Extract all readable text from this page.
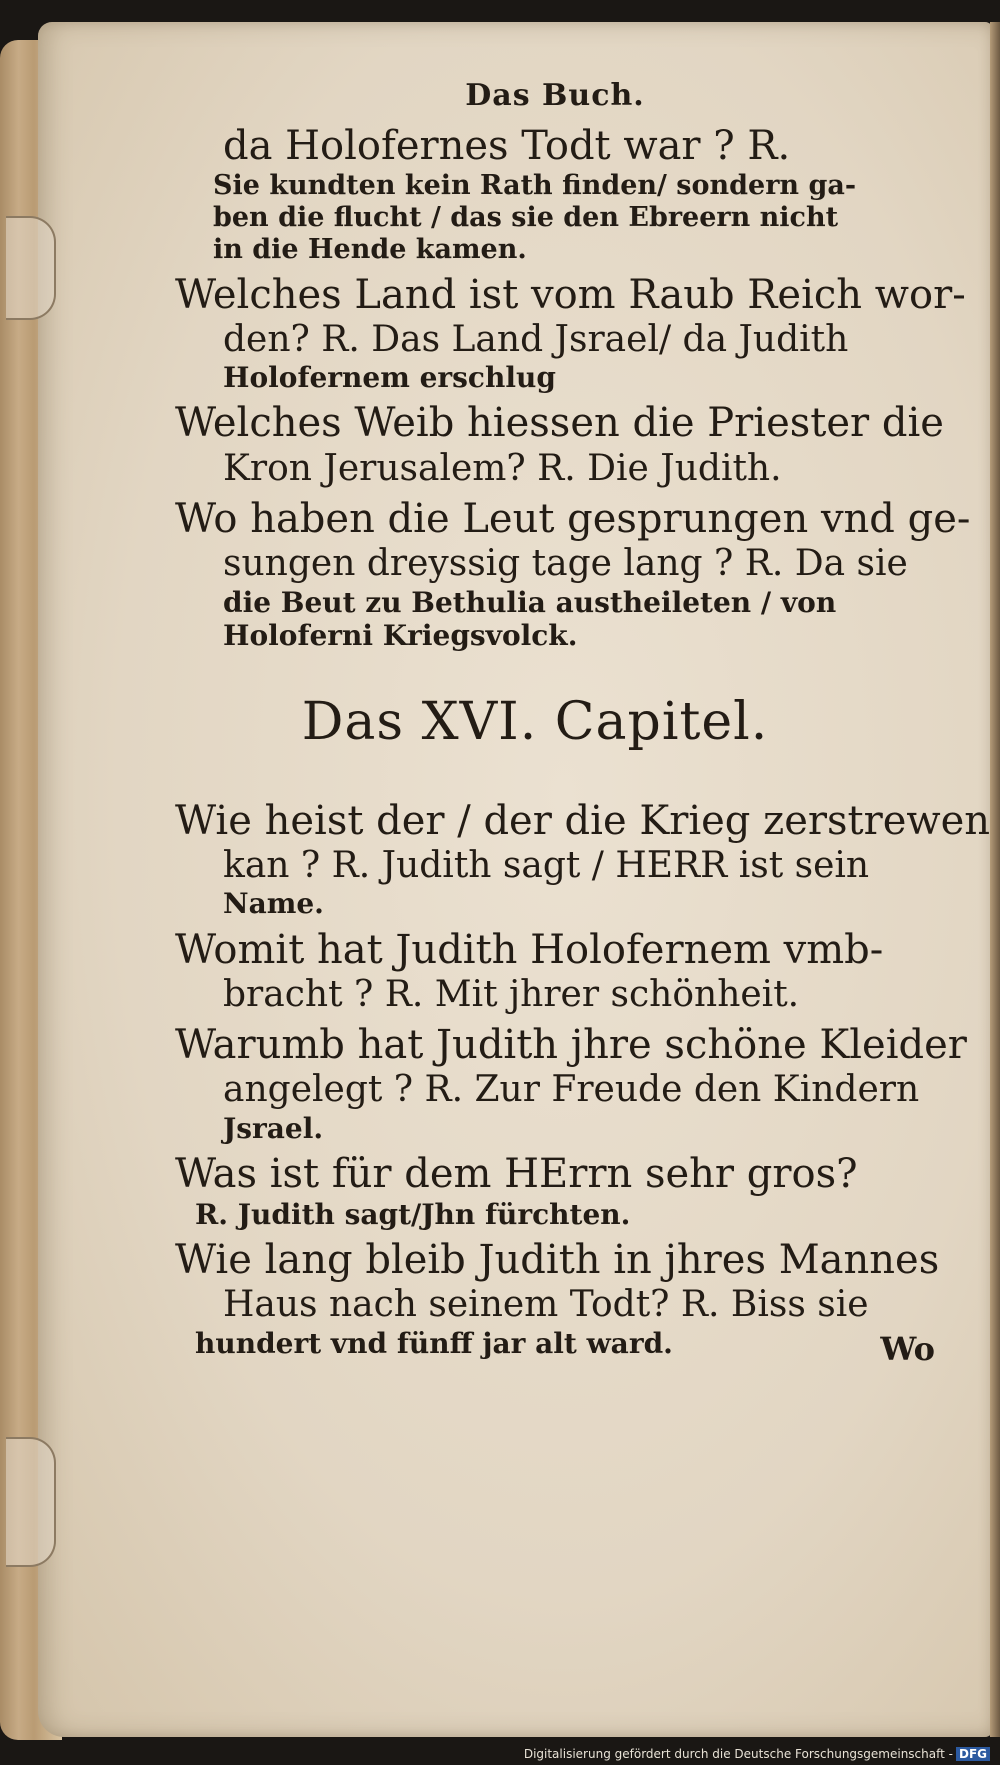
Das Buch.
da Holofernes Todt war ? R.
Sie kundten kein Rath finden/ sondern ga-
ben die flucht / das sie den Ebreern nicht
in die Hende kamen.
Welches Land ist vom Raub Reich wor-
den? R. Das Land Jsrael/ da Judith
Holofernem erschlug
Welches Weib hiessen die Priester die
Kron Jerusalem? R. Die Judith.
Wo haben die Leut gesprungen vnd ge-
sungen dreyssig tage lang ? R. Da sie
die Beut zu Bethulia austheileten / von Holoferni Kriegsvolck.
Das XVI. Capitel.
Wie heist der / der die Krieg zerstrewen
kan ? R. Judith sagt / HERR ist sein
Name.
Womit hat Judith Holofernem vmb-
bracht ? R. Mit jhrer schönheit.
Warumb hat Judith jhre schöne Kleider
angelegt ? R. Zur Freude den Kindern
Jsrael.
Was ist für dem HErrn sehr gros?
R. Judith sagt/Jhn fürchten.
Wie lang bleib Judith in jhres Mannes
Haus nach seinem Todt? R. Biss sie
hundert vnd fünff jar alt ward.	Wo
Digitalisierung gefördert durch die Deutsche Forschungsgemeinschaft - DFG
